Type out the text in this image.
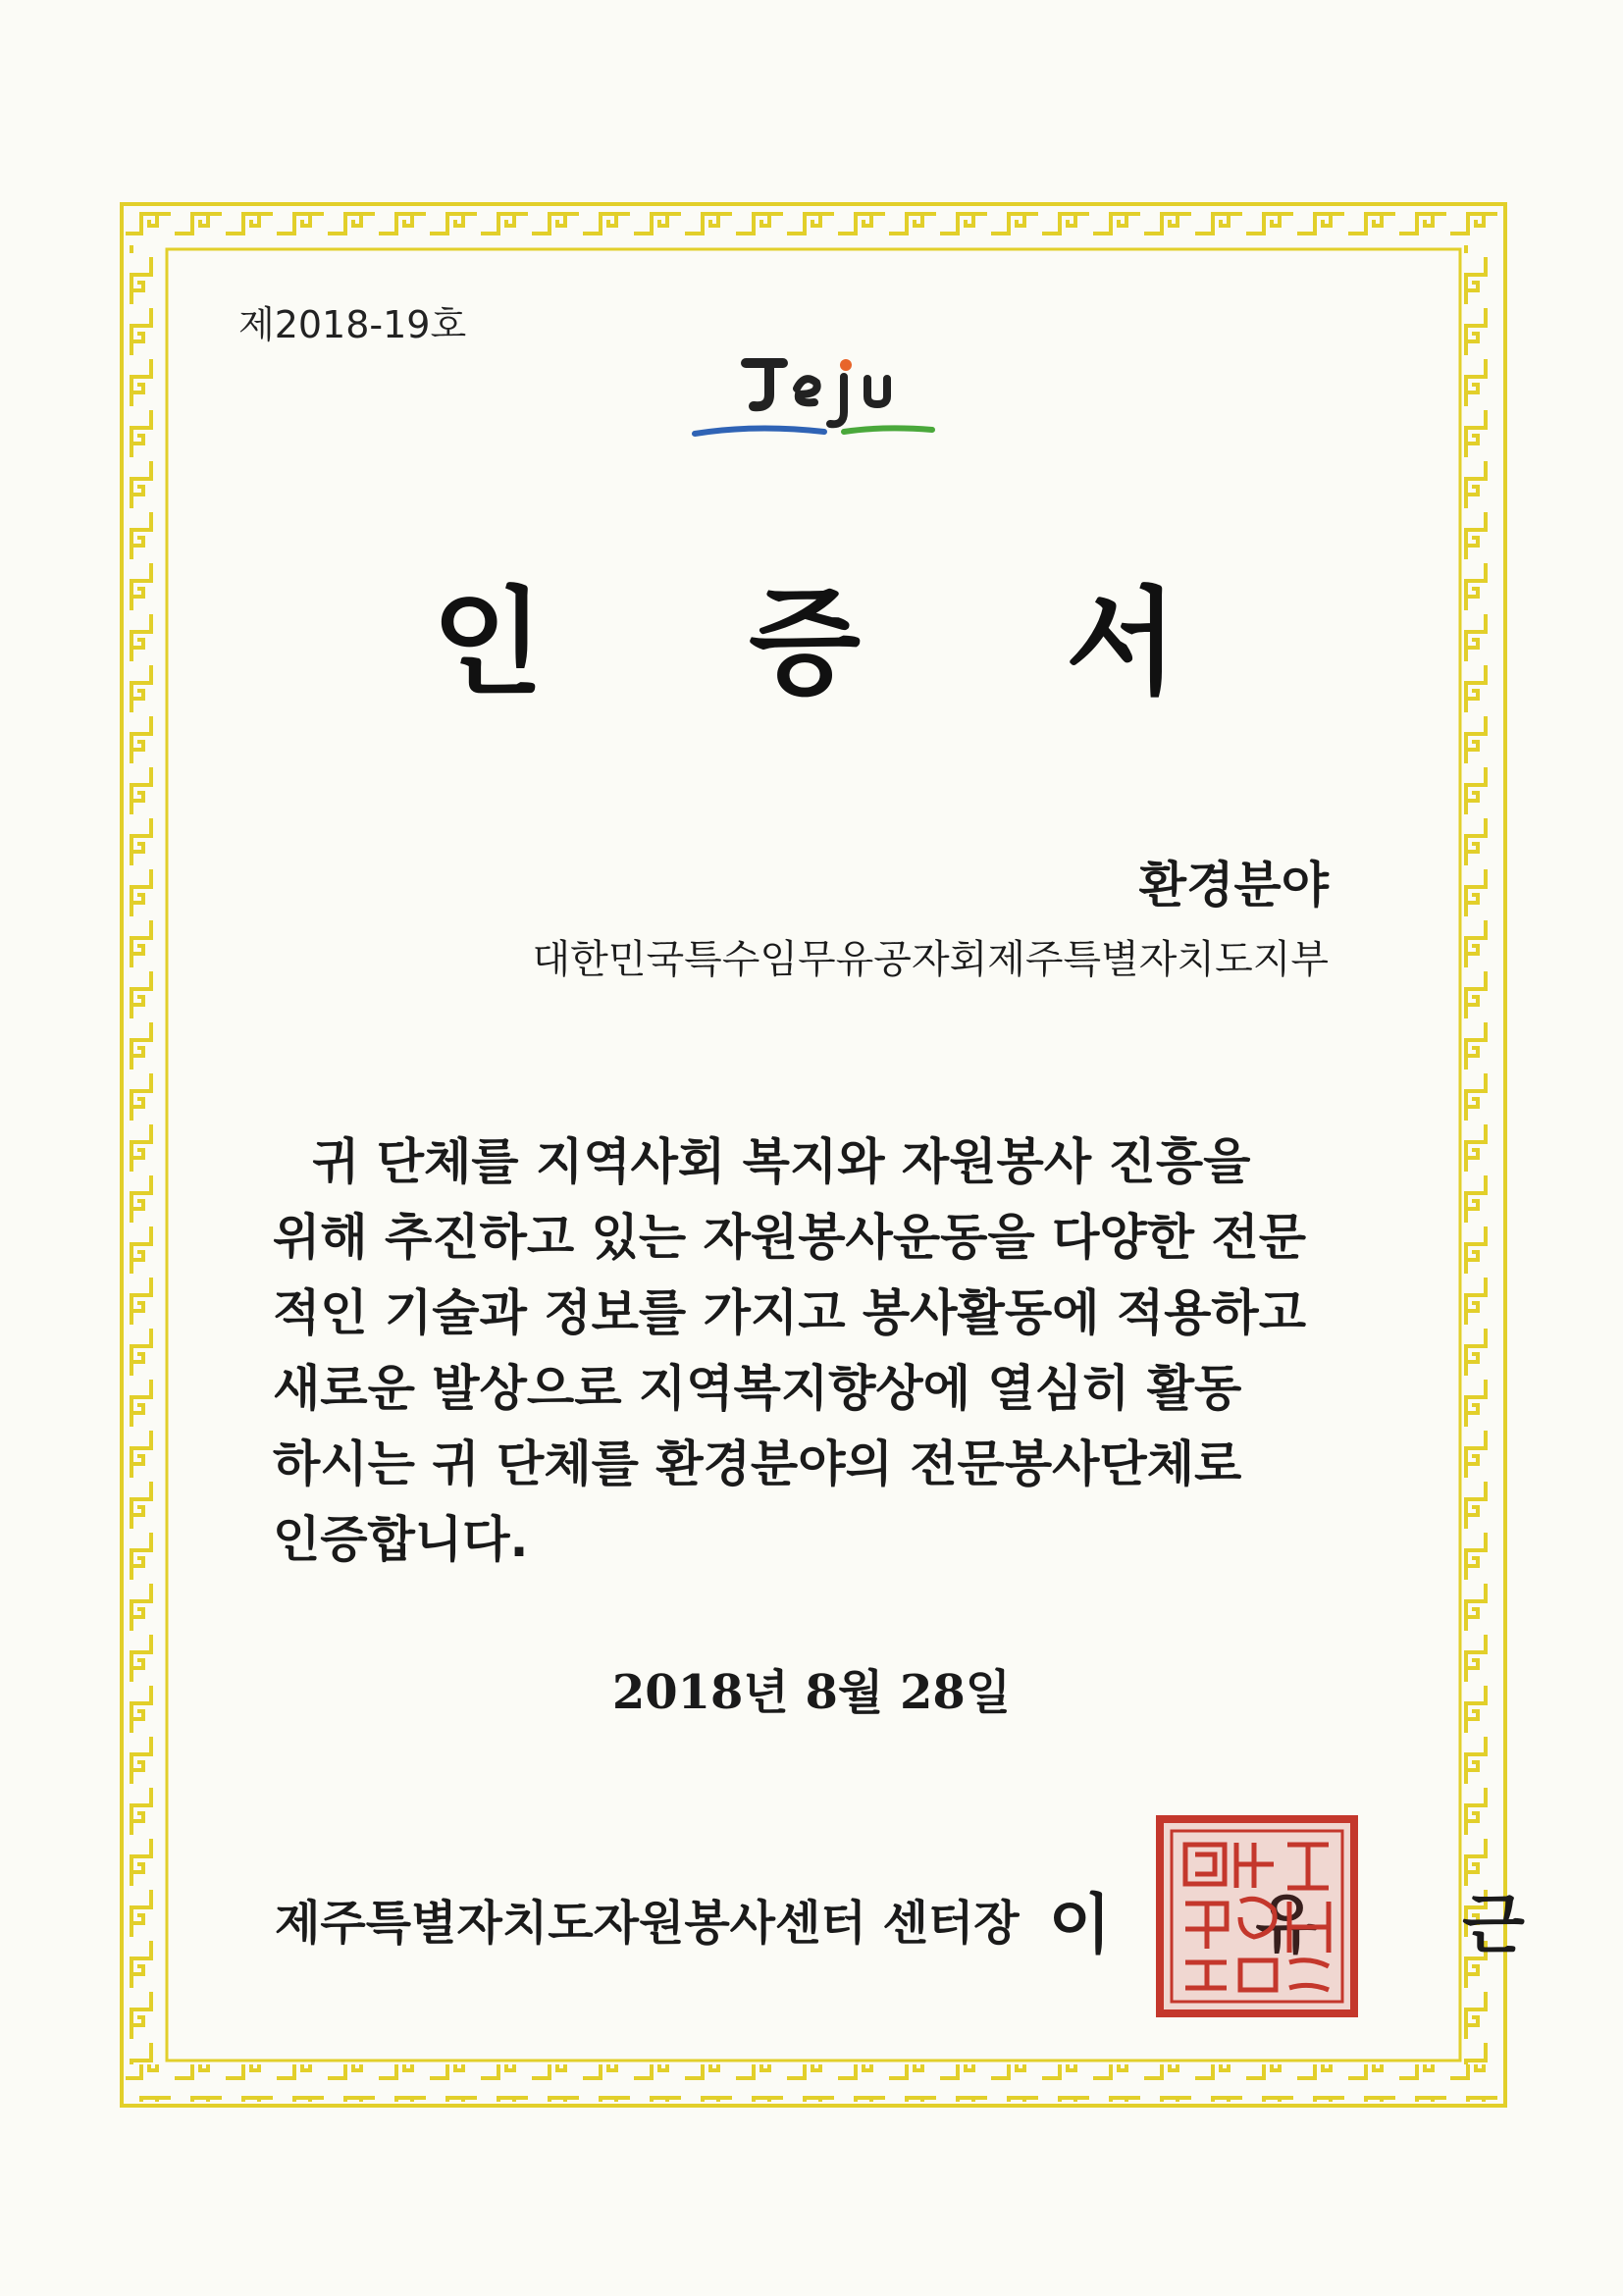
제2018-19호
인 증 서
환경분야
대한민국특수임무유공자회제주특별자치도지부
귀 단체를 지역사회 복지와 자원봉사 진흥을
위해 추진하고 있는 자원봉사운동을 다양한 전문
적인 기술과 정보를 가지고 봉사활동에 적용하고
새로운 발상으로 지역복지향상에 열심히 활동
하시는 귀 단체를 환경분야의 전문봉사단체로
인증합니다.
2018년 8월 28일
제주특별자치도자원봉사센터 센터장 이 유 근
